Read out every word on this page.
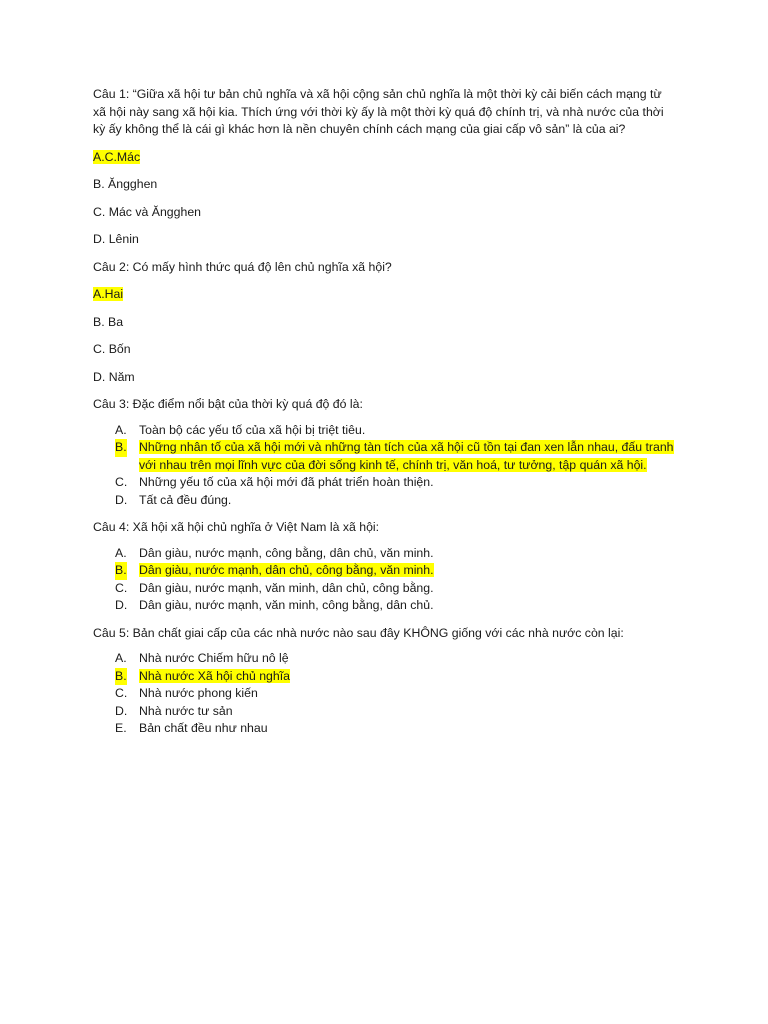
Câu 1: “Giữa xã hội tư bản chủ nghĩa và xã hội cộng sản chủ nghĩa là một thời kỳ cải biến cách mạng từ xã hội này sang xã hội kia. Thích ứng với thời kỳ ấy là một thời kỳ quá độ chính trị, và nhà nước của thời kỳ ấy không thể là cái gì khác hơn là nền chuyên chính cách mạng của giai cấp vô sản” là của ai?

A.C.Mác

B. Ăngghen

C. Mác và Ăngghen

D. Lênin

Câu 2: Có mấy hình thức quá độ lên chủ nghĩa xã hội?

A.Hai

B. Ba

C. Bốn

D. Năm

Câu 3: Đặc điểm nổi bật của thời kỳ quá độ đó là:

A. Toàn bộ các yếu tố của xã hội bị triệt tiêu.
B. Những nhân tố của xã hội mới và những tàn tích của xã hội cũ tồn tại đan xen lẫn nhau, đấu tranh với nhau trên mọi lĩnh vực của đời sống kinh tế, chính trị, văn hoá, tư tưởng, tập quán xã hội.
C. Những yếu tố của xã hội mới đã phát triển hoàn thiện.
D. Tất cả đều đúng.

Câu 4: Xã hội xã hội chủ nghĩa ở Việt Nam là xã hội:

A. Dân giàu, nước mạnh, công bằng, dân chủ, văn minh.
B. Dân giàu, nước mạnh, dân chủ, công bằng, văn minh.
C. Dân giàu, nước mạnh, văn minh, dân chủ, công bằng.
D. Dân giàu, nước mạnh, văn minh, công bằng, dân chủ.

Câu 5: Bản chất giai cấp của các nhà nước nào sau đây KHÔNG giống với các nhà nước còn lại:

A. Nhà nước Chiếm hữu nô lệ
B. Nhà nước Xã hội chủ nghĩa
C. Nhà nước phong kiến
D. Nhà nước tư sản
E. Bản chất đều như nhau
